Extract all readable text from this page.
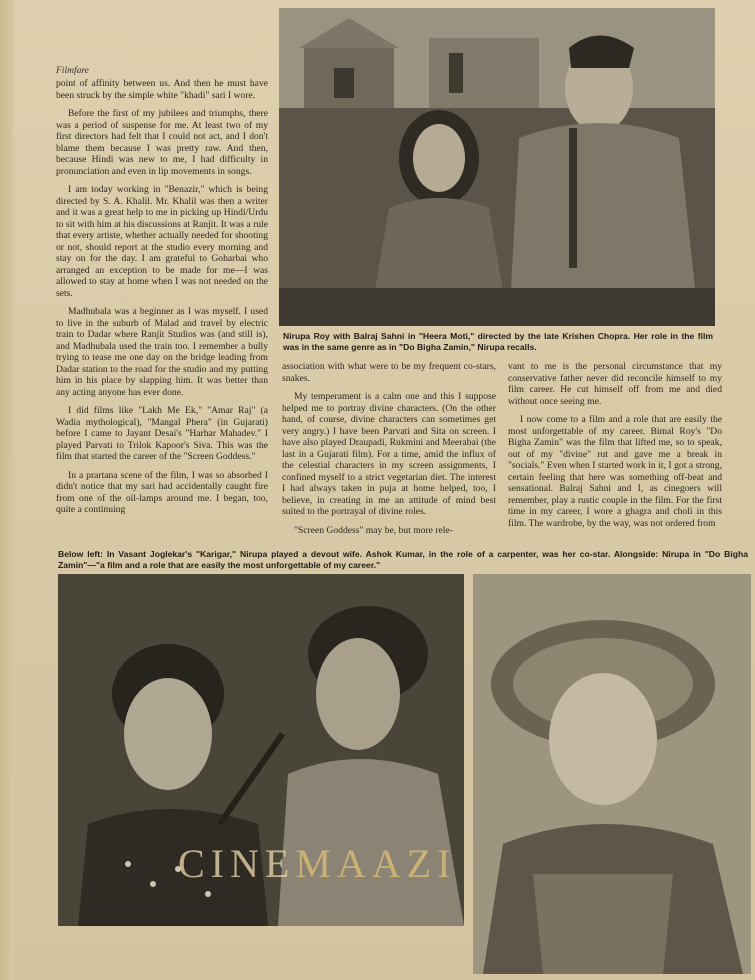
Filmfare

point of affinity between us. And then he must have been struck by the simple white "khadi" sari I wore.

Before the first of my jubilees and triumphs, there was a period of suspense for me. At least two of my first directors had felt that I could not act, and I don't blame them because I was pretty raw. And then, because Hindi was new to me, I had difficulty in pronunciation and even in lip movements in songs.

I am today working in "Benazir," which is being directed by S. A. Khalil. Mr. Khalil was then a writer and it was a great help to me in picking up Hindi/Urdu to sit with him at his discussions at Ranjit. It was a rule that every artiste, whether actually needed for shooting or not, should report at the studio every morning and stay on for the day. I am grateful to Goharbai who arranged an exception to be made for me—I was allowed to stay at home when I was not needed on the sets.

Madhubala was a beginner as I was myself. I used to live in the suburb of Malad and travel by electric train to Dadar where Ranjit Studios was (and still is), and Madhubala used the train too. I remember a bully trying to tease me one day on the bridge leading from Dadar station to the road for the studio and my putting him in his place by slapping him. It was better than any acting anyone has ever done.

I did films like "Lakh Me Ek," "Amar Raj" (a Wadia mythological), "Mangal Phera" (in Gujarati) before I came to Jayant Desai's "Harhar Mahadev." I played Parvati to Trilok Kapoor's Siva. This was the film that started the career of the "Screen Goddess."

In a prartana scene of the film, I was so absorbed I didn't notice that my sari had accidentally caught fire from one of the oil-lamps around me. I began, too, quite a continuing

Nirupa Roy with Balraj Sahni in "Heera Moti," directed by the late Krishen Chopra. Her role in the film was in the same genre as in "Do Bigha Zamin," Nirupa recalls.

association with what were to be my frequent co-stars, snakes.

My temperament is a calm one and this I suppose helped me to portray divine characters. (On the other hand, of course, divine characters can sometimes get very angry.) I have been Parvati and Sita on screen. I have also played Draupadi, Rukmini and Meerabai (the last in a Gujarati film). For a time, amid the influx of the celestial characters in my screen assignments, I confined myself to a strict vegetarian diet. The interest I had always taken in puja at home helped, too, I believe, in creating in me an attitude of mind best suited to the portrayal of divine roles.

"Screen Goddess" may be, but more rele-

vant to me is the personal circumstance that my conservative father never did reconcile himself to my film career. He cut himself off from me and died without once seeing me.

I now come to a film and a role that are easily the most unforgettable of my career. Bimal Roy's "Do Bigha Zamin" was the film that lifted me, so to speak, out of my "divine" rut and gave me a break in "socials." Even when I started work in it, I got a strong, certain feeling that here was something off-beat and sensational. Balraj Sahni and I, as cinegoers will remember, play a rustic couple in the film. For the first time in my career, I wore a ghagra and choli in this film. The wardrobe, by the way, was not ordered from

Below left: In Vasant Joglekar's "Karigar," Nirupa played a devout wife. Ashok Kumar, in the role of a carpenter, was her co-star. Alongside: Nirupa in "Do Bigha Zamin"—"a film and a role that are easily the most unforgettable of my career."
CINEMAAZI
